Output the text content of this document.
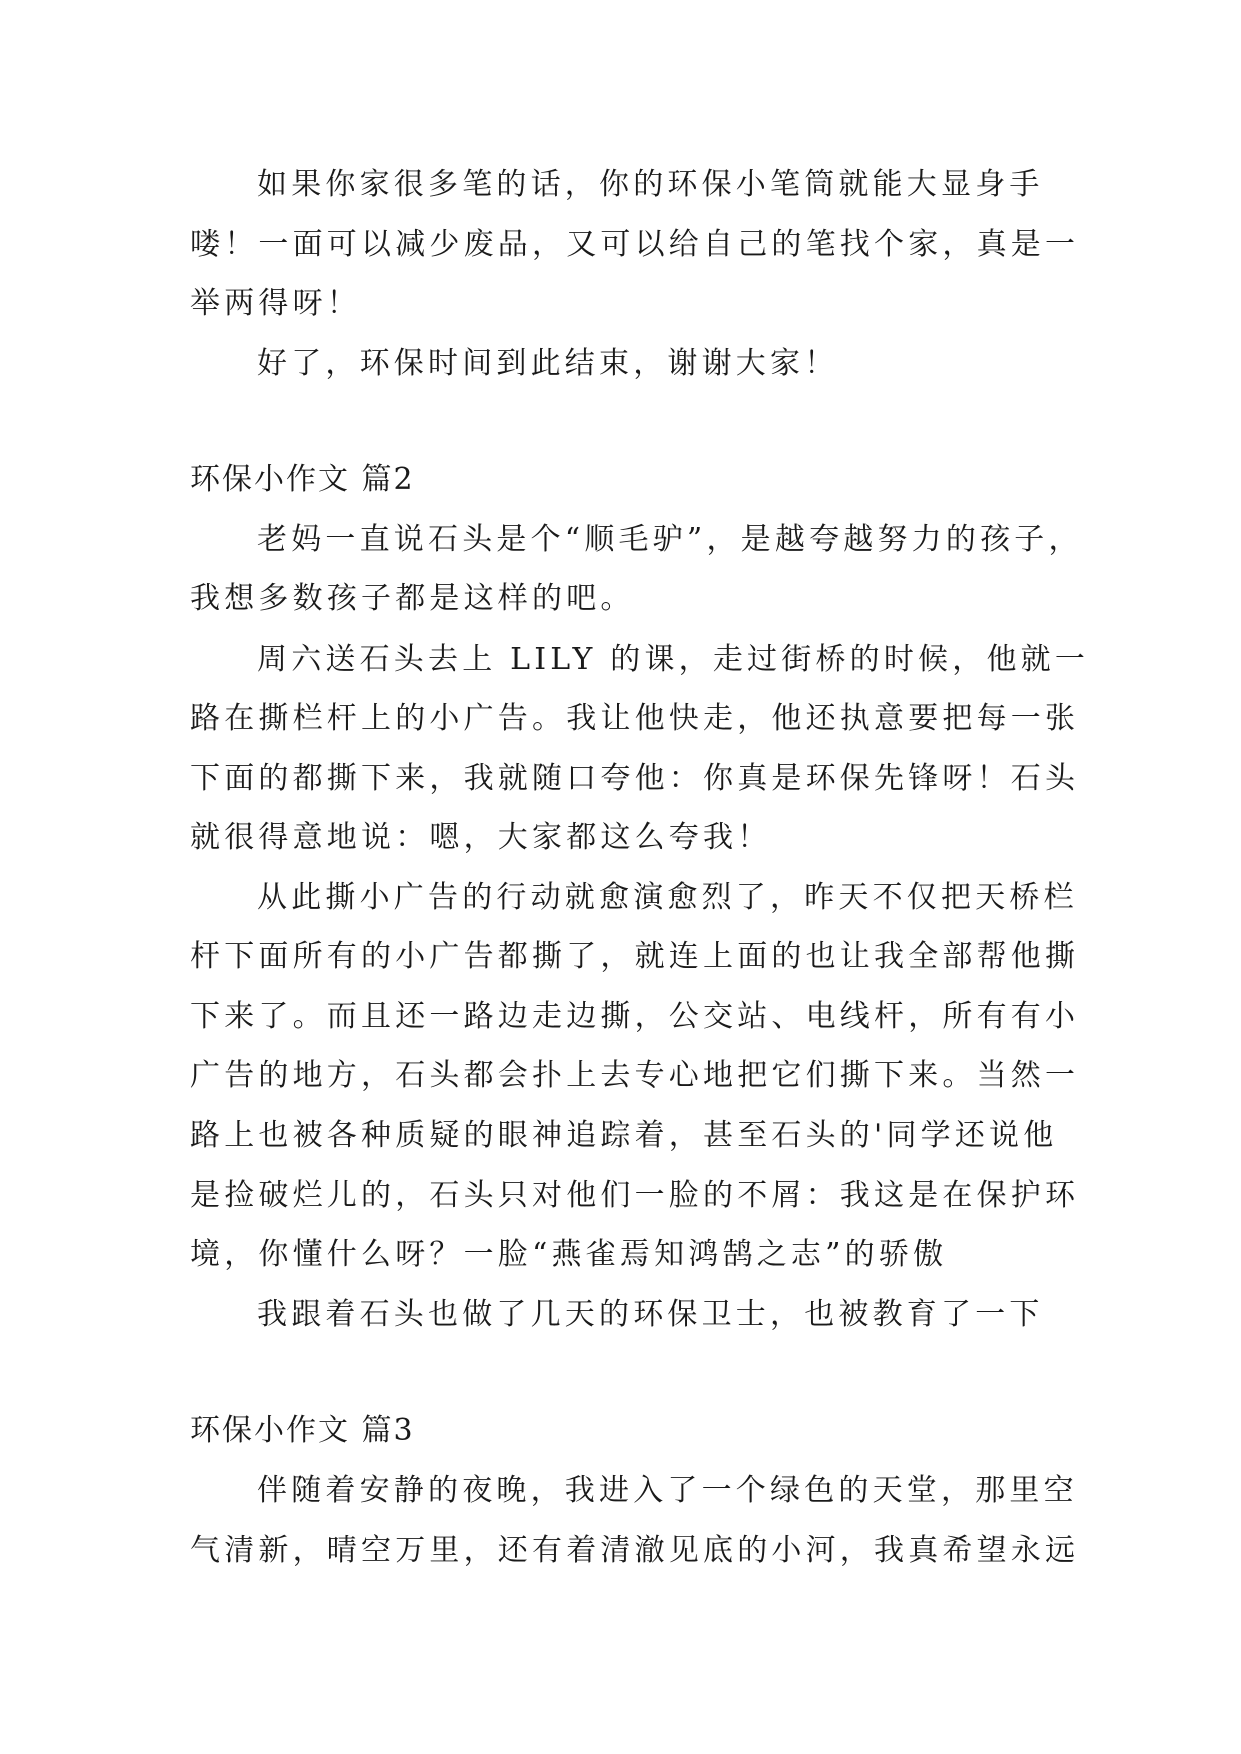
如果你家很多笔的话，你的环保小笔筒就能大显身手
喽！一面可以减少废品，又可以给自己的笔找个家，真是一
举两得呀！
好了，环保时间到此结束，谢谢大家！
环保小作文 篇2
老妈一直说石头是个“顺毛驴”，是越夸越努力的孩子，
我想多数孩子都是这样的吧。
周六送石头去上 LILY 的课，走过街桥的时候，他就一
路在撕栏杆上的小广告。我让他快走，他还执意要把每一张
下面的都撕下来，我就随口夸他：你真是环保先锋呀！石头
就很得意地说：嗯，大家都这么夸我！
从此撕小广告的行动就愈演愈烈了，昨天不仅把天桥栏
杆下面所有的小广告都撕了，就连上面的也让我全部帮他撕
下来了。而且还一路边走边撕，公交站、电线杆，所有有小
广告的地方，石头都会扑上去专心地把它们撕下来。当然一
路上也被各种质疑的眼神追踪着，甚至石头的'同学还说他
是捡破烂儿的，石头只对他们一脸的不屑：我这是在保护环
境，你懂什么呀？一脸“燕雀焉知鸿鹄之志”的骄傲
我跟着石头也做了几天的环保卫士，也被教育了一下
环保小作文 篇3
伴随着安静的夜晚，我进入了一个绿色的天堂，那里空
气清新，晴空万里，还有着清澈见底的小河，我真希望永远
